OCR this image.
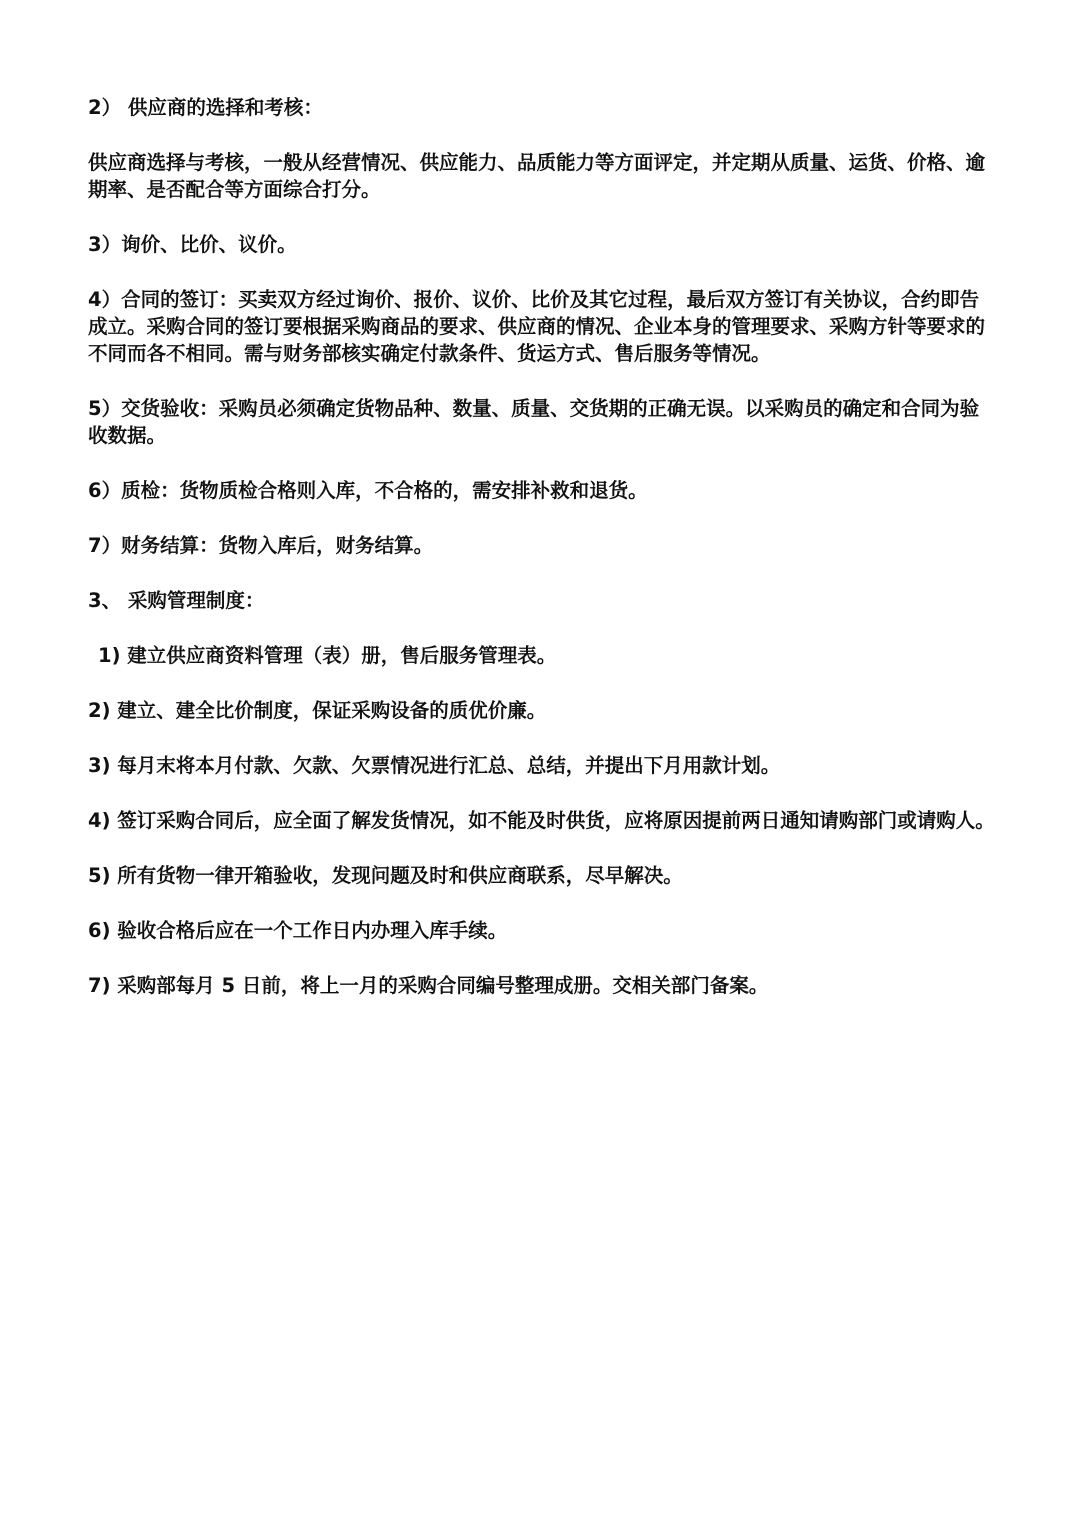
2） 供应商的选择和考核：

供应商选择与考核，一般从经营情况、供应能力、品质能力等方面评定，并定期从质量、运货、价格、逾期率、是否配合等方面综合打分。

3）询价、比价、议价。

4）合同的签订：买卖双方经过询价、报价、议价、比价及其它过程，最后双方签订有关协议，合约即告成立。采购合同的签订要根据采购商品的要求、供应商的情况、企业本身的管理要求、采购方针等要求的不同而各不相同。需与财务部核实确定付款条件、货运方式、售后服务等情况。

5）交货验收：采购员必须确定货物品种、数量、质量、交货期的正确无误。以采购员的确定和合同为验收数据。

6）质检：货物质检合格则入库，不合格的，需安排补救和退货。

7）财务结算：货物入库后，财务结算。

3、 采购管理制度：

1) 建立供应商资料管理（表）册，售后服务管理表。

2) 建立、建全比价制度，保证采购设备的质优价廉。

3) 每月末将本月付款、欠款、欠票情况进行汇总、总结，并提出下月用款计划。

4) 签订采购合同后，应全面了解发货情况，如不能及时供货，应将原因提前两日通知请购部门或请购人。

5) 所有货物一律开箱验收，发现问题及时和供应商联系，尽早解决。

6) 验收合格后应在一个工作日内办理入库手续。

7) 采购部每月 5 日前，将上一月的采购合同编号整理成册。交相关部门备案。
